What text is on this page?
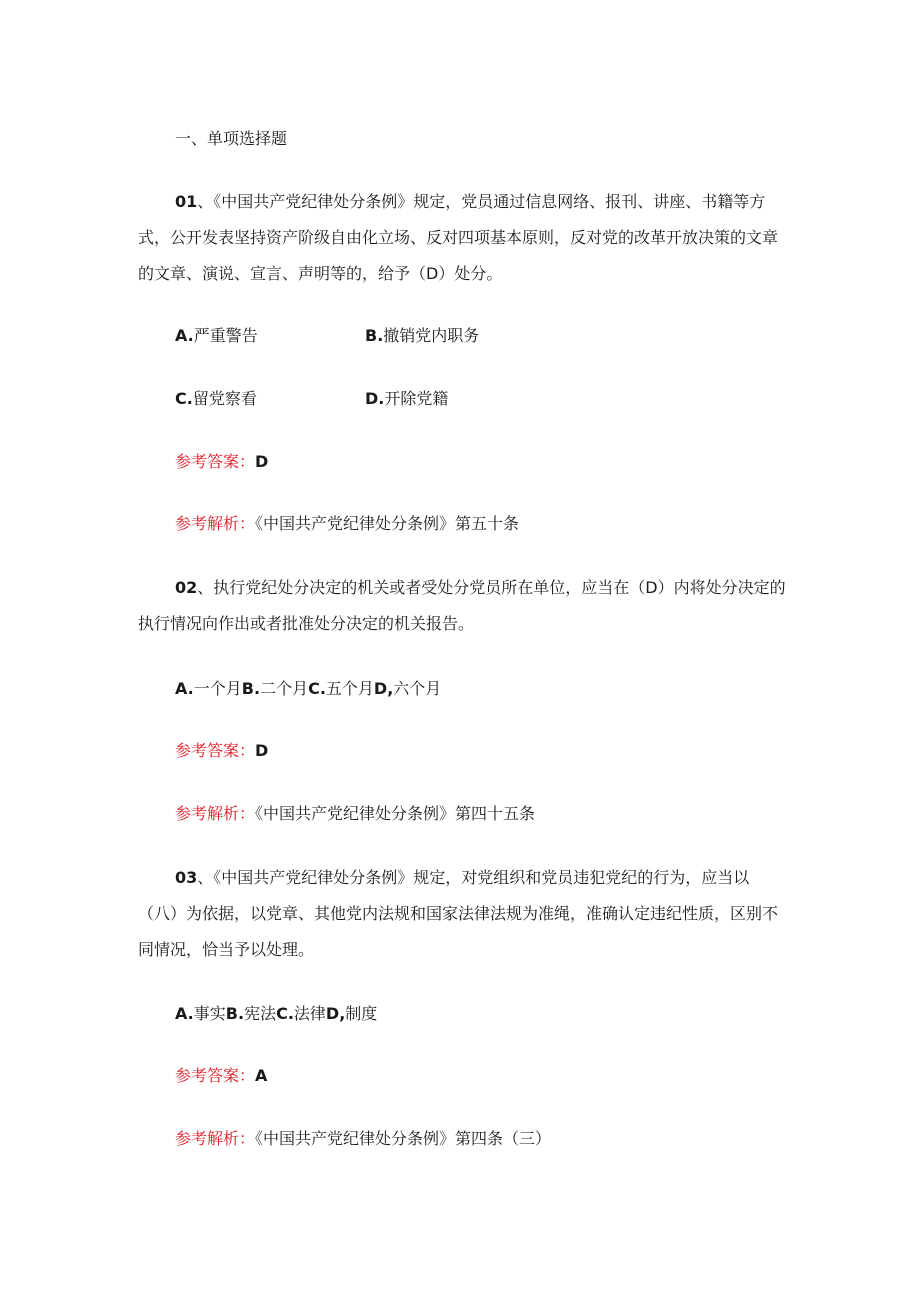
一、单项选择题
01、《中国共产党纪律处分条例》规定，党员通过信息网络、报刊、讲座、书籍等方式，公开发表坚持资产阶级自由化立场、反对四项基本原则，反对党的改革开放决策的文章的文章、演说、宣言、声明等的，给予（D）处分。
A.严重警告	B.撤销党内职务
C.留党察看	D.开除党籍
参考答案：D
参考解析：《中国共产党纪律处分条例》第五十条
02、执行党纪处分决定的机关或者受处分党员所在单位，应当在（D）内将处分决定的执行情况向作出或者批准处分决定的机关报告。
A.一个月B.二个月C.五个月D,六个月
参考答案：D
参考解析：《中国共产党纪律处分条例》第四十五条
03、《中国共产党纪律处分条例》规定，对党组织和党员违犯党纪的行为，应当以（八）为依据，以党章、其他党内法规和国家法律法规为准绳，准确认定违纪性质，区别不同情况，恰当予以处理。
A.事实B.宪法C.法律D,制度
参考答案：A
参考解析：《中国共产党纪律处分条例》第四条（三）
